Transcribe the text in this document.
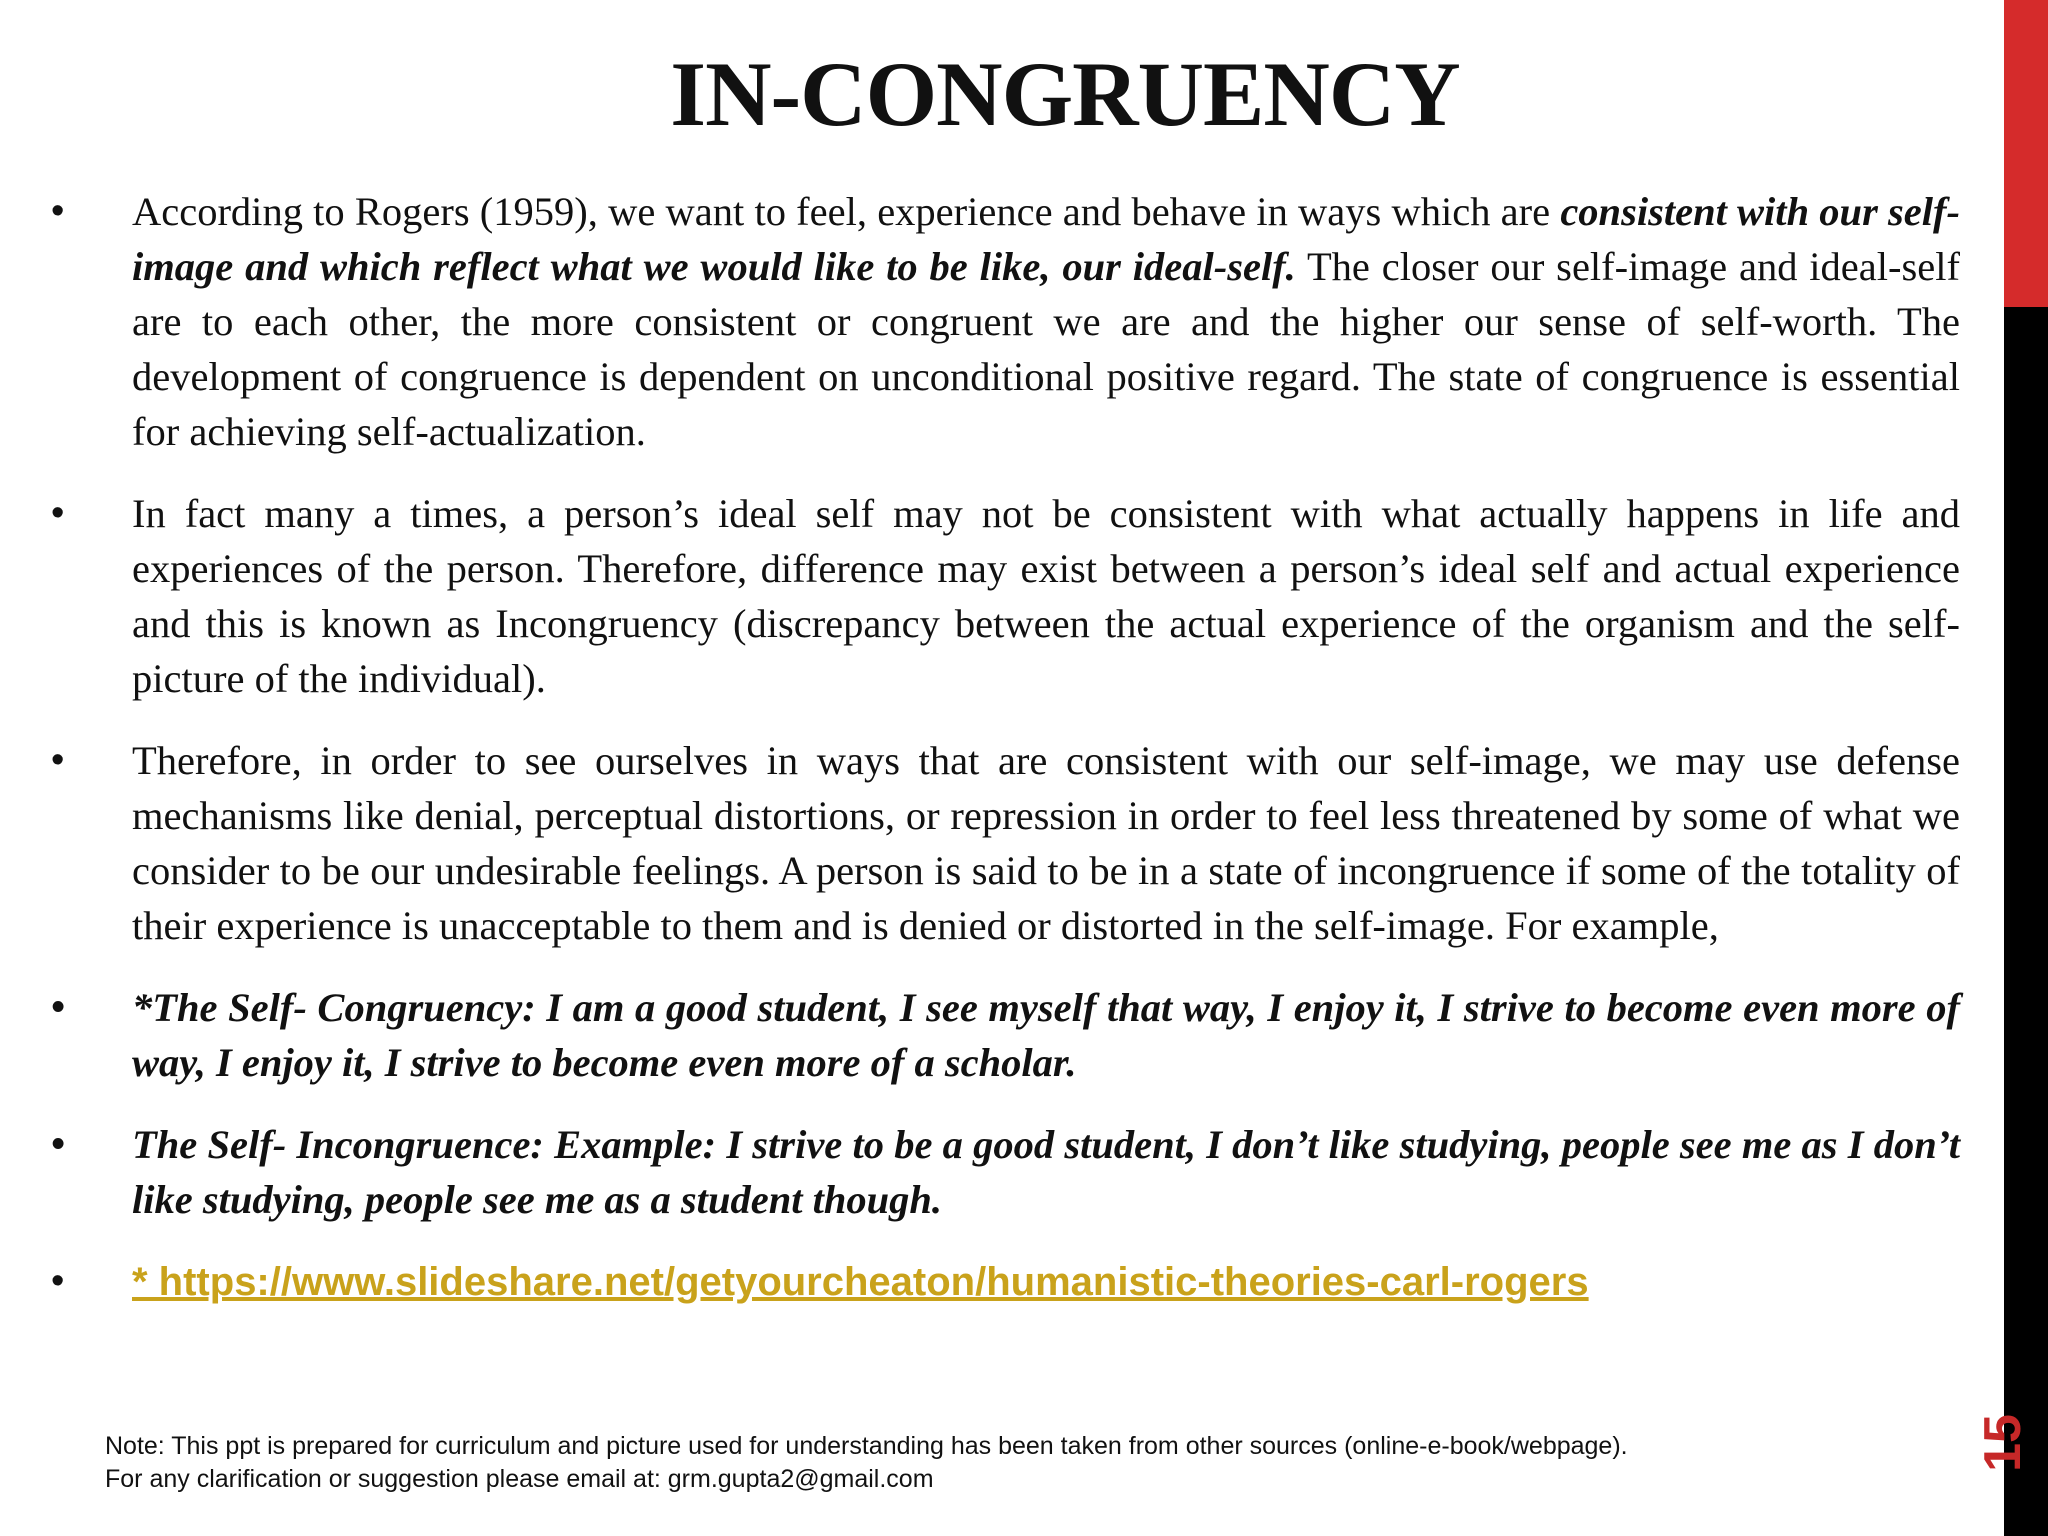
15
IN-CONGRUENCY
•	According to Rogers (1959), we want to feel, experience and behave in ways which are consistent with our self-image and which reflect what we would like to be like, our ideal-self. The closer our self-image and ideal-self are to each other, the more consistent or congruent we are and the higher our sense of self-worth. The development of congruence is dependent on unconditional positive regard. The state of congruence is essential for achieving self-actualization.
•	In fact many a times, a person’s ideal self may not be consistent with what actually happens in life and experiences of the person. Therefore, difference may exist between a person’s ideal self and actual experience and this is known as Incongruency (discrepancy between the actual experience of the organism and the self-picture of the individual).
•	Therefore, in order to see ourselves in ways that are consistent with our self-image, we may use defense mechanisms like denial, perceptual distortions, or repression in order to feel less threatened by some of what we consider to be our undesirable feelings. A person is said to be in a state of incongruence if some of the totality of their experience is unacceptable to them and is denied or distorted in the self-image. For example,
•	*The Self- Congruency: I am a good student, I see myself that way, I enjoy it, I strive to become even more of way, I enjoy it, I strive to become even more of a scholar.
•	The Self- Incongruence: Example: I strive to be a good student, I don’t like studying, people see me as I don’t like studying, people see me as a student though.
•	* https://www.slideshare.net/getyourcheaton/humanistic-theories-carl-rogers
Note: This ppt is prepared for curriculum and picture used for understanding has been taken from other sources (online-e-book/webpage).
For any clarification or suggestion please email at: grm.gupta2@gmail.com
